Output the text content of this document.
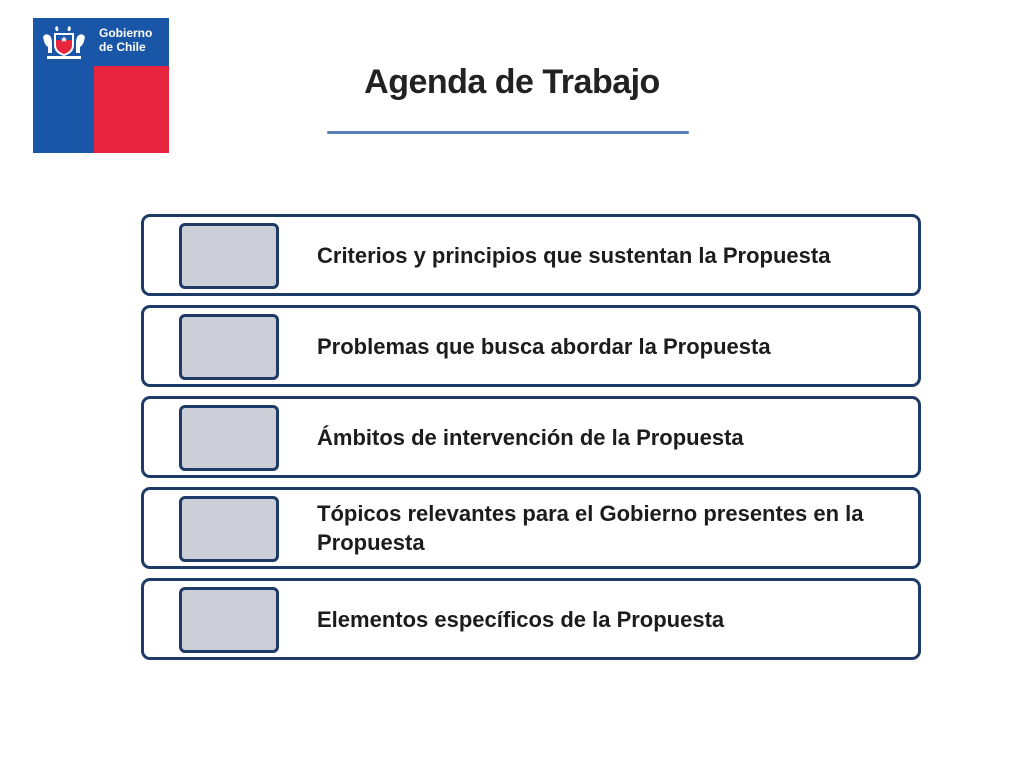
Gobierno
de Chile
Agenda de Trabajo
Criterios y principios que sustentan la Propuesta
Problemas que busca abordar la Propuesta
Ámbitos de intervención de la Propuesta
Tópicos relevantes para el Gobierno presentes en la Propuesta
Elementos específicos de la Propuesta
